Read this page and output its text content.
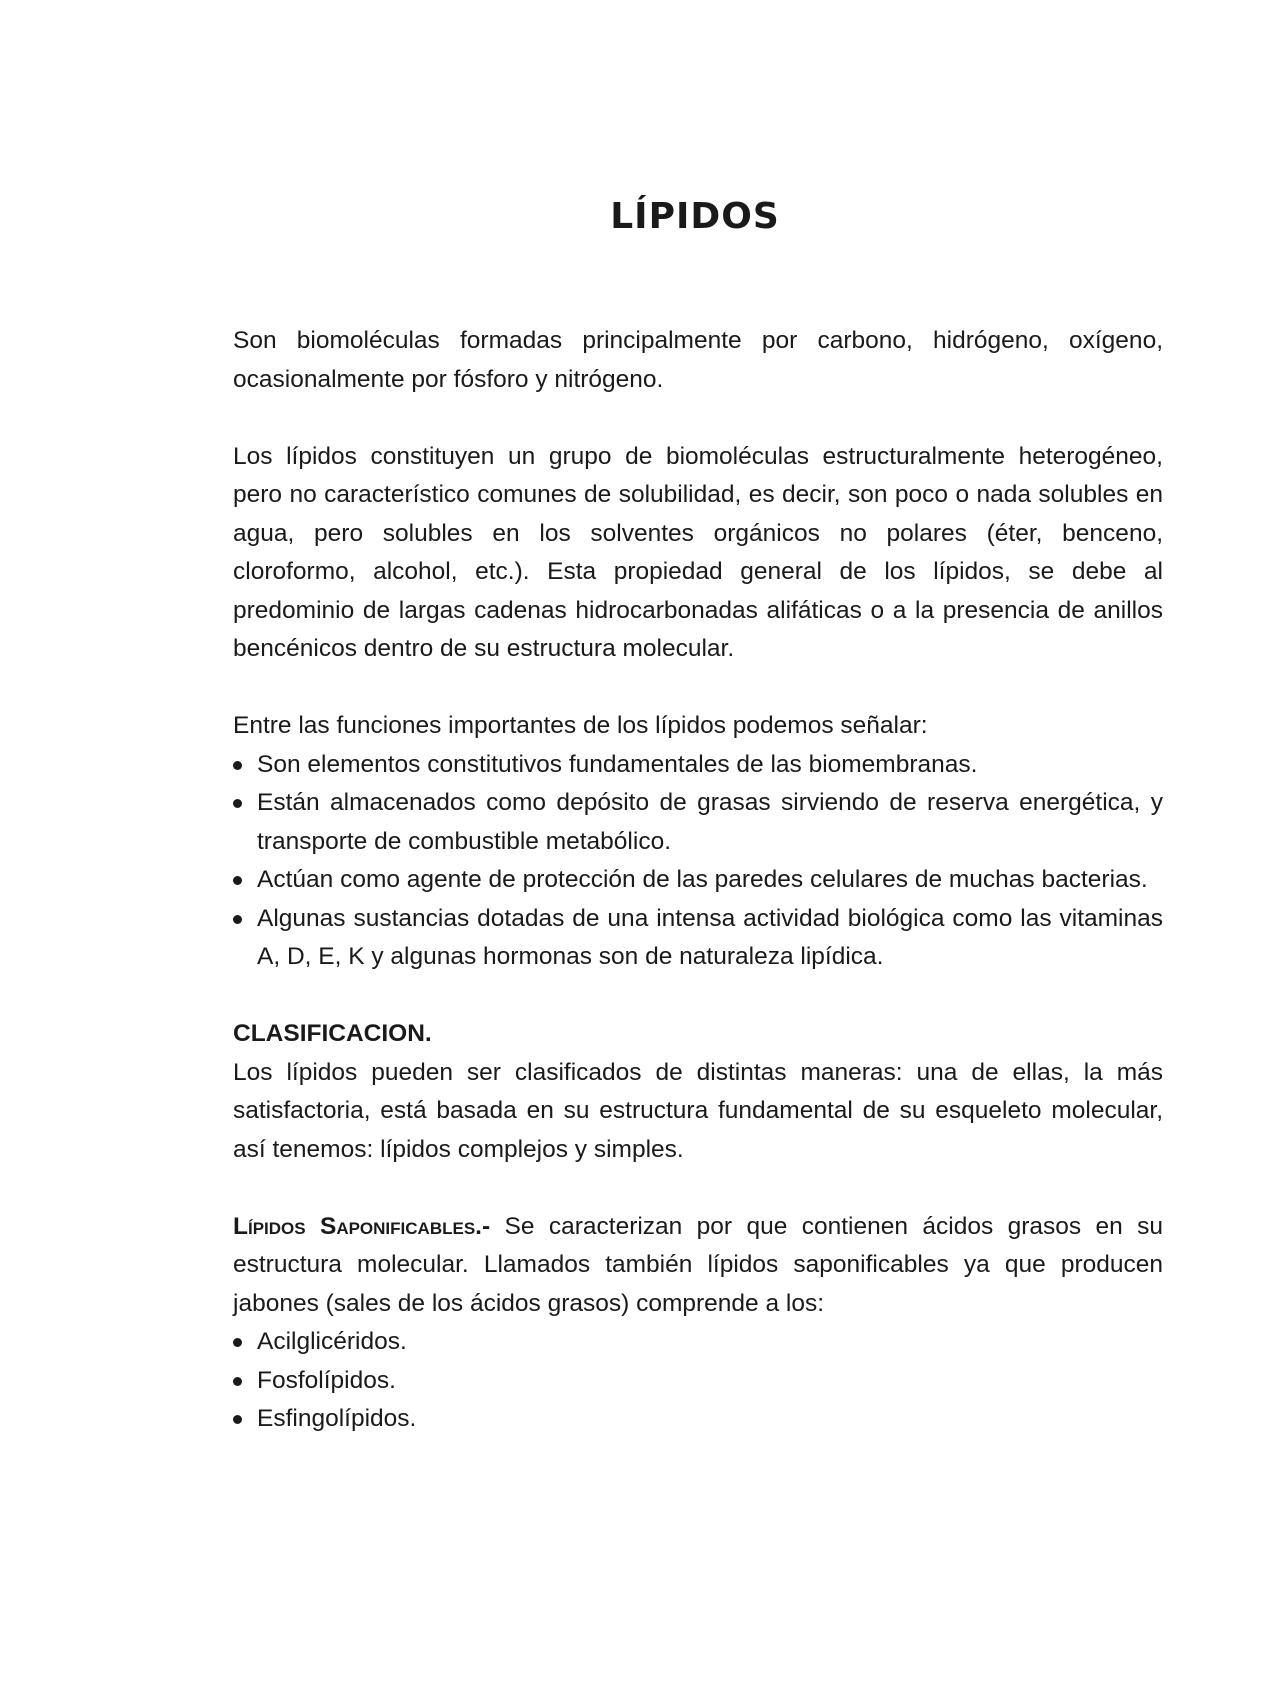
LÍPIDOS

Son biomoléculas formadas principalmente por carbono, hidrógeno, oxígeno, ocasionalmente por fósforo y nitrógeno.

Los lípidos constituyen un grupo de biomoléculas estructuralmente heterogéneo, pero no característico comunes de solubilidad, es decir, son poco o nada solubles en agua, pero solubles en los solventes orgánicos no polares (éter, benceno, cloroformo, alcohol, etc.). Esta propiedad general de los lípidos, se debe al predominio de largas cadenas hidrocarbonadas alifáticas o a la presencia de anillos bencénicos dentro de su estructura molecular.

Entre las funciones importantes de los lípidos podemos señalar:

Son elementos constitutivos fundamentales de las biomembranas.
Están almacenados como depósito de grasas sirviendo de reserva energética, y transporte de combustible metabólico.
Actúan como agente de protección de las paredes celulares de muchas bacterias.
Algunas sustancias dotadas de una intensa actividad biológica como las vitaminas A, D, E, K y algunas hormonas son de naturaleza lipídica.

CLASIFICACION.

Los lípidos pueden ser clasificados de distintas maneras: una de ellas, la más satisfactoria, está basada en su estructura fundamental de su esqueleto molecular, así tenemos: lípidos complejos y simples.

Lípidos Saponificables.- Se caracterizan por que contienen ácidos grasos en su estructura molecular. Llamados también lípidos saponificables ya que producen jabones (sales de los ácidos grasos) comprende a los:

Acilglicéridos.
Fosfolípidos.
Esfingolípidos.
